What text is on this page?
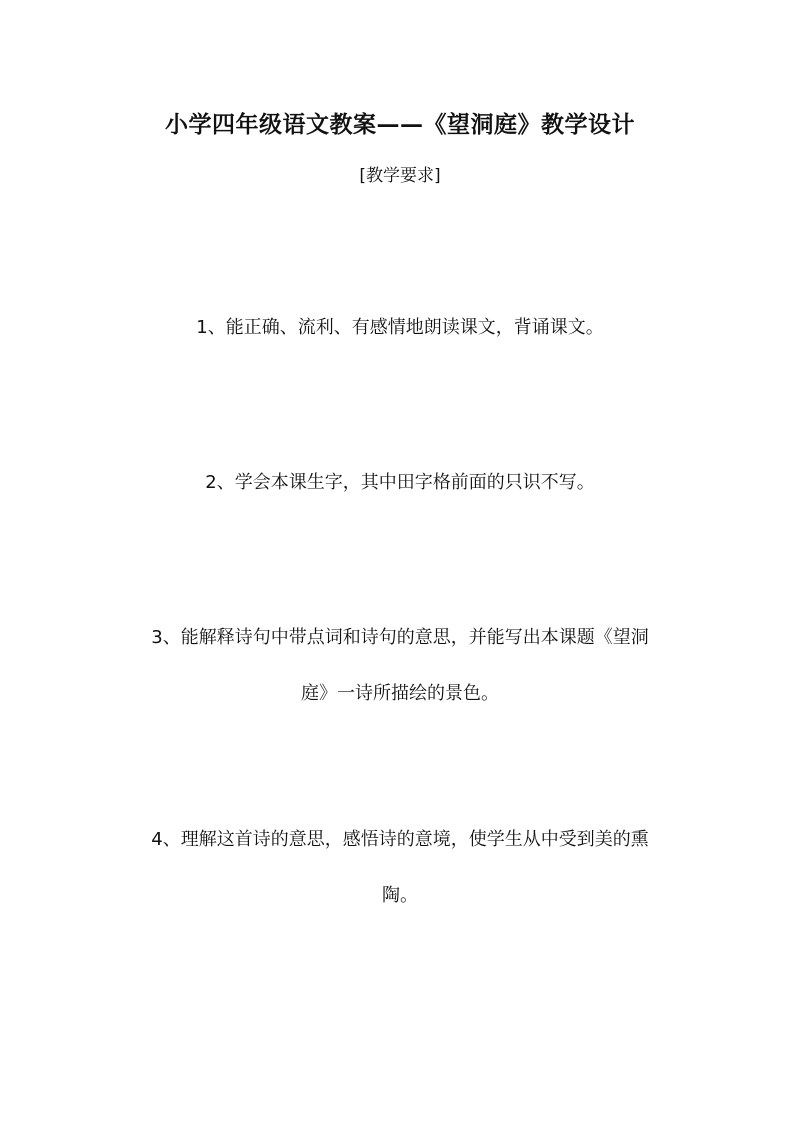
小学四年级语文教案——《望洞庭》教学设计
[教学要求]
1、能正确、流利、有感情地朗读课文，背诵课文。
2、学会本课生字，其中田字格前面的只识不写。
3、能解释诗句中带点词和诗句的意思，并能写出本课题《望洞
庭》一诗所描绘的景色。
4、理解这首诗的意思，感悟诗的意境，使学生从中受到美的熏
陶。
